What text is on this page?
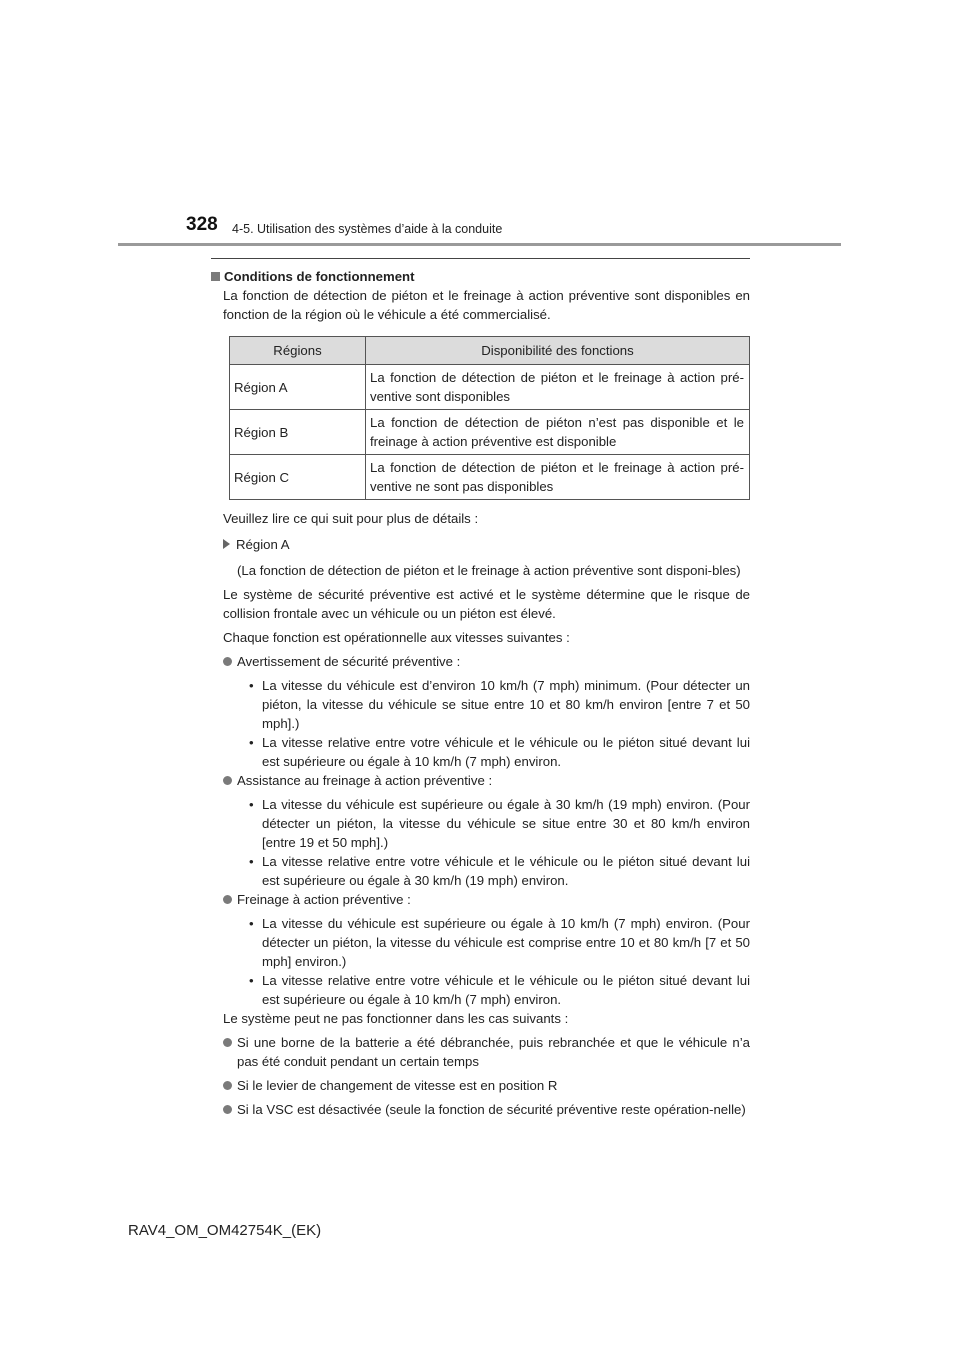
328 4-5. Utilisation des systèmes d’aide à la conduite
Conditions de fonctionnement

La fonction de détection de piéton et le freinage à action préventive sont disponibles en fonction de la région où le véhicule a été commercialisé.

Régions	Disponibilité des fonctions
Région A	La fonction de détection de piéton et le freinage à action pré-ventive sont disponibles
Région B	La fonction de détection de piéton n’est pas disponible et le freinage à action préventive est disponible
Région C	La fonction de détection de piéton et le freinage à action pré-ventive ne sont pas disponibles

Veuillez lire ce qui suit pour plus de détails :

Région A

(La fonction de détection de piéton et le freinage à action préventive sont disponi-bles)

Le système de sécurité préventive est activé et le système détermine que le risque de collision frontale avec un véhicule ou un piéton est élevé.

Chaque fonction est opérationnelle aux vitesses suivantes :

Avertissement de sécurité préventive :
• La vitesse du véhicule est d’environ 10 km/h (7 mph) minimum. (Pour détecter un piéton, la vitesse du véhicule se situe entre 10 et 80 km/h environ [entre 7 et 50 mph].)
• La vitesse relative entre votre véhicule et le véhicule ou le piéton situé devant lui est supérieure ou égale à 10 km/h (7 mph) environ.
Assistance au freinage à action préventive :
• La vitesse du véhicule est supérieure ou égale à 30 km/h (19 mph) environ. (Pour détecter un piéton, la vitesse du véhicule se situe entre 30 et 80 km/h environ [entre 19 et 50 mph].)
• La vitesse relative entre votre véhicule et le véhicule ou le piéton situé devant lui est supérieure ou égale à 30 km/h (19 mph) environ.
Freinage à action préventive :
• La vitesse du véhicule est supérieure ou égale à 10 km/h (7 mph) environ. (Pour détecter un piéton, la vitesse du véhicule est comprise entre 10 et 80 km/h [7 et 50 mph] environ.)
• La vitesse relative entre votre véhicule et le véhicule ou le piéton situé devant lui est supérieure ou égale à 10 km/h (7 mph) environ.

Le système peut ne pas fonctionner dans les cas suivants :

Si une borne de la batterie a été débranchée, puis rebranchée et que le véhicule n’a pas été conduit pendant un certain temps
Si le levier de changement de vitesse est en position R
Si la VSC est désactivée (seule la fonction de sécurité préventive reste opération-nelle)
RAV4_OM_OM42754K_(EK)
